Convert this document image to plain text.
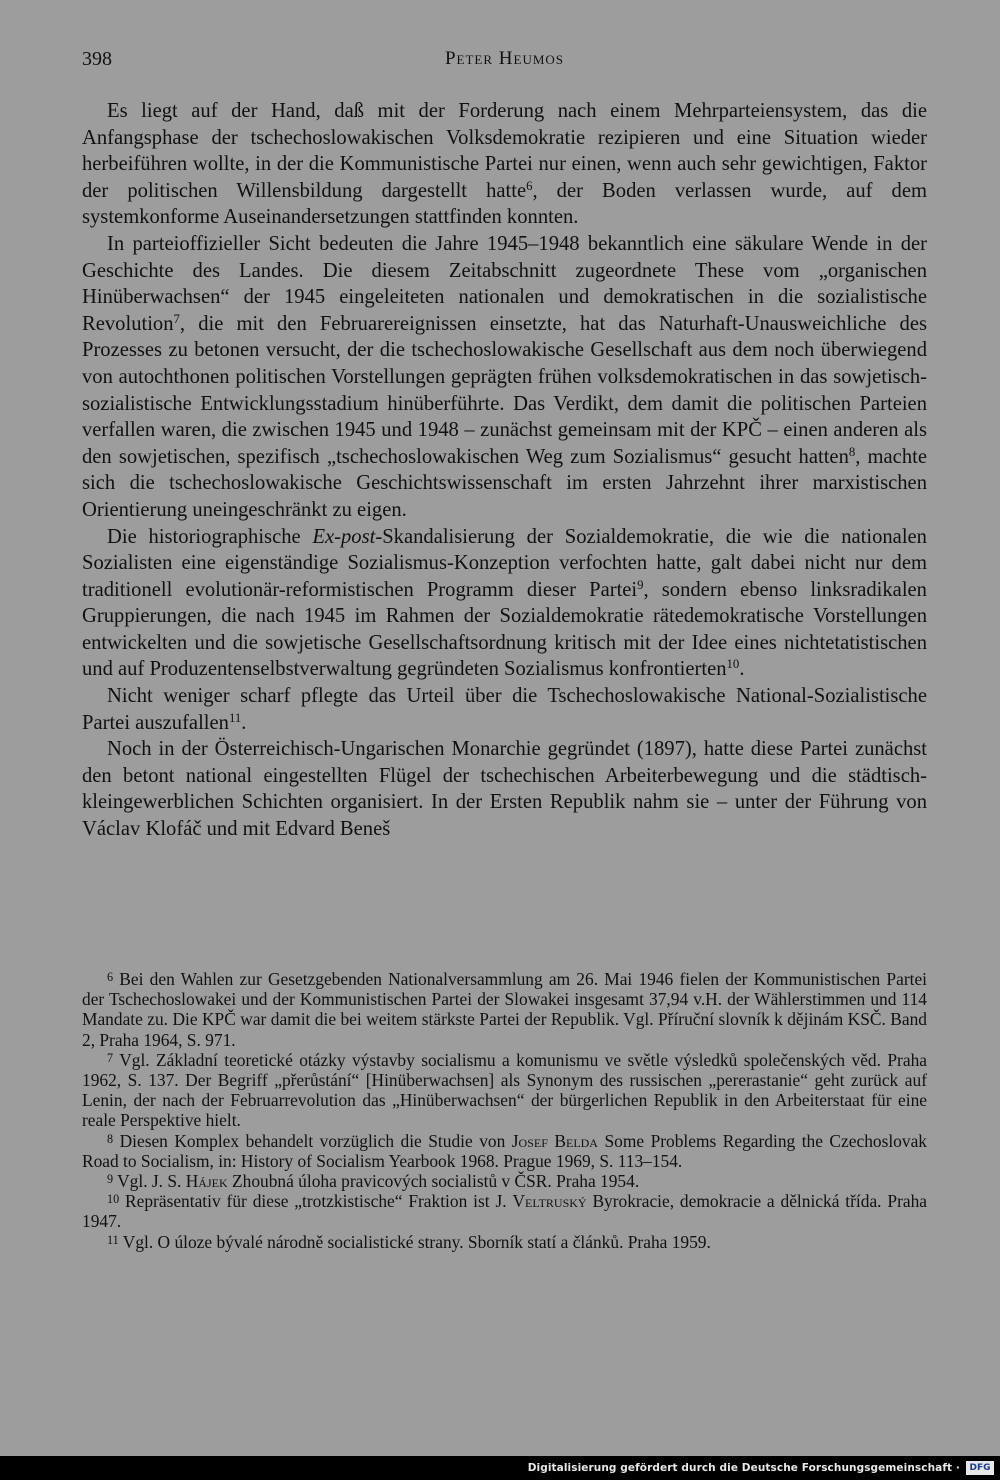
398	Peter Heumos

Es liegt auf der Hand, daß mit der Forderung nach einem Mehrparteiensystem, das die Anfangsphase der tschechoslowakischen Volksdemokratie rezipieren und eine Situation wieder herbeiführen wollte, in der die Kommunistische Partei nur einen, wenn auch sehr gewichtigen, Faktor der politischen Willensbildung dargestellt hatte$^6$, der Boden verlassen wurde, auf dem systemkonforme Auseinandersetzungen stattfinden konnten.

In parteioffizieller Sicht bedeuten die Jahre 1945–1948 bekanntlich eine säkulare Wende in der Geschichte des Landes. Die diesem Zeitabschnitt zugeordnete These vom „organischen Hinüberwachsen“ der 1945 eingeleiteten nationalen und demokratischen in die sozialistische Revolution$^7$, die mit den Februarereignissen einsetzte, hat das Naturhaft-Unausweichliche des Prozesses zu betonen versucht, der die tschechoslowakische Gesellschaft aus dem noch überwiegend von autochthonen politischen Vorstellungen geprägten frühen volksdemokratischen in das sowjetisch-sozialistische Entwicklungsstadium hinüberführte. Das Verdikt, dem damit die politischen Parteien verfallen waren, die zwischen 1945 und 1948 – zunächst gemeinsam mit der KPČ – einen anderen als den sowjetischen, spezifisch „tschechoslowakischen Weg zum Sozialismus“ gesucht hatten$^8$, machte sich die tschechoslowakische Geschichtswissenschaft im ersten Jahrzehnt ihrer marxistischen Orientierung uneingeschränkt zu eigen.

Die historiographische Ex-post-Skandalisierung der Sozialdemokratie, die wie die nationalen Sozialisten eine eigenständige Sozialismus-Konzeption verfochten hatte, galt dabei nicht nur dem traditionell evolutionär-reformistischen Programm dieser Partei$^9$, sondern ebenso linksradikalen Gruppierungen, die nach 1945 im Rahmen der Sozialdemokratie rätedemokratische Vorstellungen entwickelten und die sowjetische Gesellschaftsordnung kritisch mit der Idee eines nichtetatistischen und auf Produzentenselbstverwaltung gegründeten Sozialismus konfrontierten$^{10}$.

Nicht weniger scharf pflegte das Urteil über die Tschechoslowakische National-Sozialistische Partei auszufallen$^{11}$.

Noch in der Österreichisch-Ungarischen Monarchie gegründet (1897), hatte diese Partei zunächst den betont national eingestellten Flügel der tschechischen Arbeiterbewegung und die städtisch-kleingewerblichen Schichten organisiert. In der Ersten Republik nahm sie – unter der Führung von Václav Klofáč und mit Edvard Beneš

$^6$ Bei den Wahlen zur Gesetzgebenden Nationalversammlung am 26. Mai 1946 fielen der Kommunistischen Partei der Tschechoslowakei und der Kommunistischen Partei der Slowakei insgesamt 37,94 v.H. der Wählerstimmen und 114 Mandate zu. Die KPČ war damit die bei weitem stärkste Partei der Republik. Vgl. Příruční slovník k dějinám KSČ. Band 2, Praha 1964, S. 971.

$^7$ Vgl. Základní teoretické otázky výstavby socialismu a komunismu ve světle výsledků společenských věd. Praha 1962, S. 137. Der Begriff „přerůstání“ [Hinüberwachsen] als Synonym des russischen „pererastanie“ geht zurück auf Lenin, der nach der Februarrevolution das „Hinüberwachsen“ der bürgerlichen Republik in den Arbeiterstaat für eine reale Perspektive hielt.

$^8$ Diesen Komplex behandelt vorzüglich die Studie von Josef Belda Some Problems Regarding the Czechoslovak Road to Socialism, in: History of Socialism Yearbook 1968. Prague 1969, S. 113–154.

$^9$ Vgl. J. S. Hájek Zhoubná úloha pravicových socialistů v ČSR. Praha 1954.

$^{10}$ Repräsentativ für diese „trotzkistische“ Fraktion ist J. Veltruský Byrokracie, demokracie a dělnická třída. Praha 1947.

$^{11}$ Vgl. O úloze bývalé národně socialistické strany. Sborník statí a článků. Praha 1959.

Digitalisierung gefördert durch die Deutsche Forschungsgemeinschaft ·	DFG
